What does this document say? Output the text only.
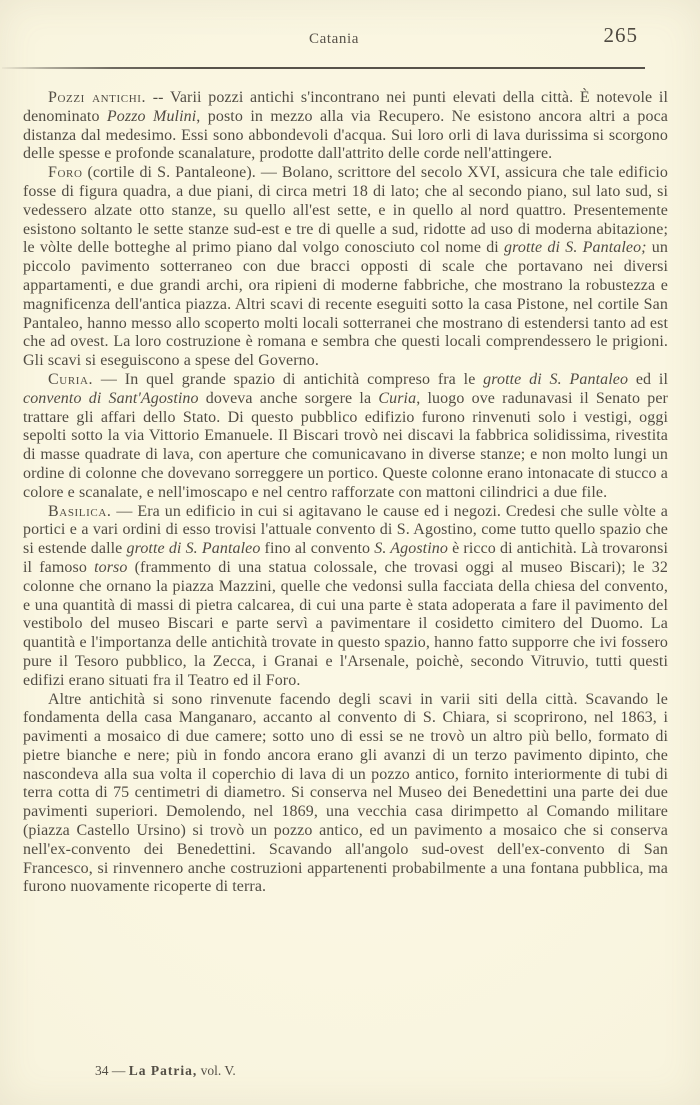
Catania	265

Pozzi antichi. -- Varii pozzi antichi s'incontrano nei punti elevati della città. È notevole il denominato Pozzo Mulini, posto in mezzo alla via Recupero. Ne esistono ancora altri a poca distanza dal medesimo. Essi sono abbondevoli d'acqua. Sui loro orli di lava durissima si scorgono delle spesse e profonde scanalature, prodotte dall'attrito delle corde nell'attingere.

Foro (cortile di S. Pantaleone). — Bolano, scrittore del secolo XVI, assicura che tale edificio fosse di figura quadra, a due piani, di circa metri 18 di lato; che al secondo piano, sul lato sud, si vedessero alzate otto stanze, su quello all'est sette, e in quello al nord quattro. Presentemente esistono soltanto le sette stanze sud-est e tre di quelle a sud, ridotte ad uso di moderna abitazione; le vòlte delle botteghe al primo piano dal volgo conosciuto col nome di grotte di S. Pantaleo; un piccolo pavimento sotterraneo con due bracci opposti di scale che portavano nei diversi appartamenti, e due grandi archi, ora ripieni di moderne fabbriche, che mostrano la robustezza e magnificenza dell'antica piazza. Altri scavi di recente eseguiti sotto la casa Pistone, nel cortile San Pantaleo, hanno messo allo scoperto molti locali sotterranei che mostrano di estendersi tanto ad est che ad ovest. La loro costruzione è romana e sembra che questi locali comprendessero le prigioni. Gli scavi si eseguiscono a spese del Governo.

Curia. — In quel grande spazio di antichità compreso fra le grotte di S. Pantaleo ed il convento di Sant'Agostino doveva anche sorgere la Curia, luogo ove radunavasi il Senato per trattare gli affari dello Stato. Di questo pubblico edifizio furono rinvenuti solo i vestigi, oggi sepolti sotto la via Vittorio Emanuele. Il Biscari trovò nei discavi la fabbrica solidissima, rivestita di masse quadrate di lava, con aperture che comunicavano in diverse stanze; e non molto lungi un ordine di colonne che dovevano sorreggere un portico. Queste colonne erano intonacate di stucco a colore e scanalate, e nell'imoscapo e nel centro rafforzate con mattoni cilindrici a due file.

Basilica. — Era un edificio in cui si agitavano le cause ed i negozi. Credesi che sulle vòlte a portici e a vari ordini di esso trovisi l'attuale convento di S. Agostino, come tutto quello spazio che si estende dalle grotte di S. Pantaleo fino al convento S. Agostino è ricco di antichità. Là trovaronsi il famoso torso (frammento di una statua colossale, che trovasi oggi al museo Biscari); le 32 colonne che ornano la piazza Mazzini, quelle che vedonsi sulla facciata della chiesa del convento, e una quantità di massi di pietra calcarea, di cui una parte è stata adoperata a fare il pavimento del vestibolo del museo Biscari e parte servì a pavimentare il cosidetto cimitero del Duomo. La quantità e l'importanza delle antichità trovate in questo spazio, hanno fatto supporre che ivi fossero pure il Tesoro pubblico, la Zecca, i Granai e l'Arsenale, poichè, secondo Vitruvio, tutti questi edifizi erano situati fra il Teatro ed il Foro.

Altre antichità si sono rinvenute facendo degli scavi in varii siti della città. Scavando le fondamenta della casa Manganaro, accanto al convento di S. Chiara, si scoprirono, nel 1863, i pavimenti a mosaico di due camere; sotto uno di essi se ne trovò un altro più bello, formato di pietre bianche e nere; più in fondo ancora erano gli avanzi di un terzo pavimento dipinto, che nascondeva alla sua volta il coperchio di lava di un pozzo antico, fornito interiormente di tubi di terra cotta di 75 centimetri di diametro. Si conserva nel Museo dei Benedettini una parte dei due pavimenti superiori. Demolendo, nel 1869, una vecchia casa dirimpetto al Comando militare (piazza Castello Ursino) si trovò un pozzo antico, ed un pavimento a mosaico che si conserva nell'ex-convento dei Benedettini. Scavando all'angolo sud-ovest dell'ex-convento di San Francesco, si rinvennero anche costruzioni appartenenti probabilmente a una fontana pubblica, ma furono nuovamente ricoperte di terra.

34 — La Patria, vol. V.
